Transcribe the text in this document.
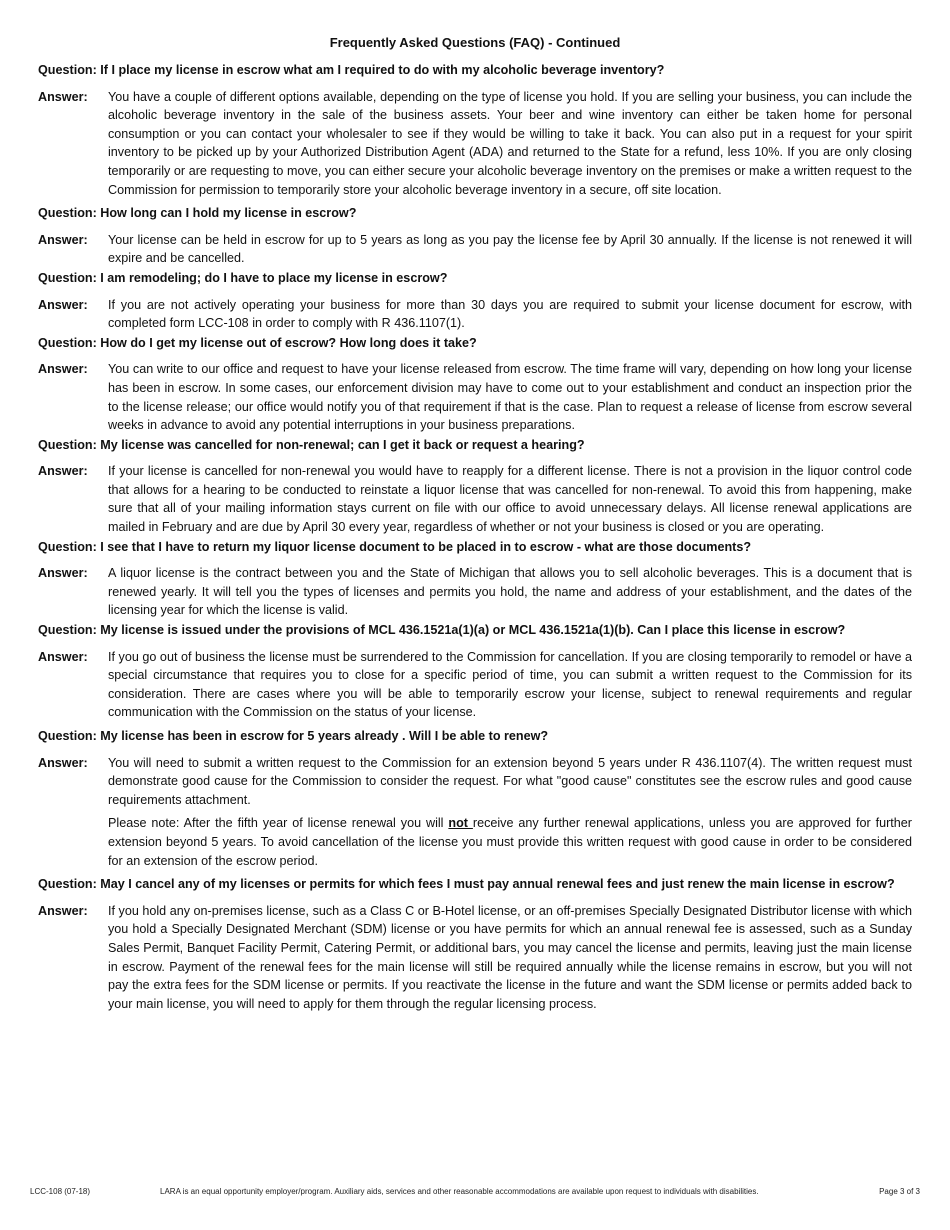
Frequently Asked Questions (FAQ) - Continued
Question: If I place my license in escrow what am I required to do with my alcoholic beverage inventory?
Answer:	You have a couple of different options available, depending on the type of license you hold. If you are selling your business, you can include the alcoholic beverage inventory in the sale of the business assets. Your beer and wine inventory can either be taken home for personal consumption or you can contact your wholesaler to see if they would be willing to take it back. You can also put in a request for your spirit inventory to be picked up by your Authorized Distribution Agent (ADA) and returned to the State for a refund, less 10%. If you are only closing temporarily or are requesting to move, you can either secure your alcoholic beverage inventory on the premises or make a written request to the Commission for permission to temporarily store your alcoholic beverage inventory in a secure, off site location.

Question: How long can I hold my license in escrow?
Answer:	Your license can be held in escrow for up to 5 years as long as you pay the license fee by April 30 annually. If the license is not renewed it will expire and be cancelled.

Question: I am remodeling; do I have to place my license in escrow?
Answer:	If you are not actively operating your business for more than 30 days you are required to submit your license document for escrow, with completed form LCC-108 in order to comply with R 436.1107(1).

Question: How do I get my license out of escrow? How long does it take?
Answer:	You can write to our office and request to have your license released from escrow. The time frame will vary, depending on how long your license has been in escrow. In some cases, our enforcement division may have to come out to your establishment and conduct an inspection prior the to the license release; our office would notify you of that requirement if that is the case. Plan to request a release of license from escrow several weeks in advance to avoid any potential interruptions in your business preparations.

Question: My license was cancelled for non-renewal; can I get it back or request a hearing?
Answer:	If your license is cancelled for non-renewal you would have to reapply for a different license. There is not a provision in the liquor control code that allows for a hearing to be conducted to reinstate a liquor license that was cancelled for non-renewal. To avoid this from happening, make sure that all of your mailing information stays current on file with our office to avoid unnecessary delays. All license renewal applications are mailed in February and are due by April 30 every year, regardless of whether or not your business is closed or you are operating.

Question: I see that I have to return my liquor license document to be placed in to escrow - what are those documents?
Answer:	A liquor license is the contract between you and the State of Michigan that allows you to sell alcoholic beverages. This is a document that is renewed yearly. It will tell you the types of licenses and permits you hold, the name and address of your establishment, and the dates of the licensing year for which the license is valid.

Question: My license is issued under the provisions of MCL 436.1521a(1)(a) or MCL 436.1521a(1)(b). Can I place this license in escrow?
Answer:	If you go out of business the license must be surrendered to the Commission for cancellation. If you are closing temporarily to remodel or have a special circumstance that requires you to close for a specific period of time, you can submit a written request to the Commission for its consideration. There are cases where you will be able to temporarily escrow your license, subject to renewal requirements and regular communication with the Commission on the status of your license.

Question: My license has been in escrow for 5 years already . Will I be able to renew?
Answer:	You will need to submit a written request to the Commission for an extension beyond 5 years under R 436.1107(4). The written request must demonstrate good cause for the Commission to consider the request. For what "good cause" constitutes see the escrow rules and good cause requirements attachment.

Please note: After the fifth year of license renewal you will not receive any further renewal applications, unless you are approved for further extension beyond 5 years. To avoid cancellation of the license you must provide this written request with good cause in order to be considered for an extension of the escrow period.

Question: May I cancel any of my licenses or permits for which fees I must pay annual renewal fees and just renew the main license in escrow?
Answer:	If you hold any on-premises license, such as a Class C or B-Hotel license, or an off-premises Specially Designated Distributor license with which you hold a Specially Designated Merchant (SDM) license or you have permits for which an annual renewal fee is assessed, such as a Sunday Sales Permit, Banquet Facility Permit, Catering Permit, or additional bars, you may cancel the license and permits, leaving just the main license in escrow. Payment of the renewal fees for the main license will still be required annually while the license remains in escrow, but you will not pay the extra fees for the SDM license or permits. If you reactivate the license in the future and want the SDM license or permits added back to your main license, you will need to apply for them through the regular licensing process.

LCC-108 (07-18)	LARA is an equal opportunity employer/program. Auxiliary aids, services and other reasonable accommodations are available upon request to individuals with disabilities.	Page 3 of 3
